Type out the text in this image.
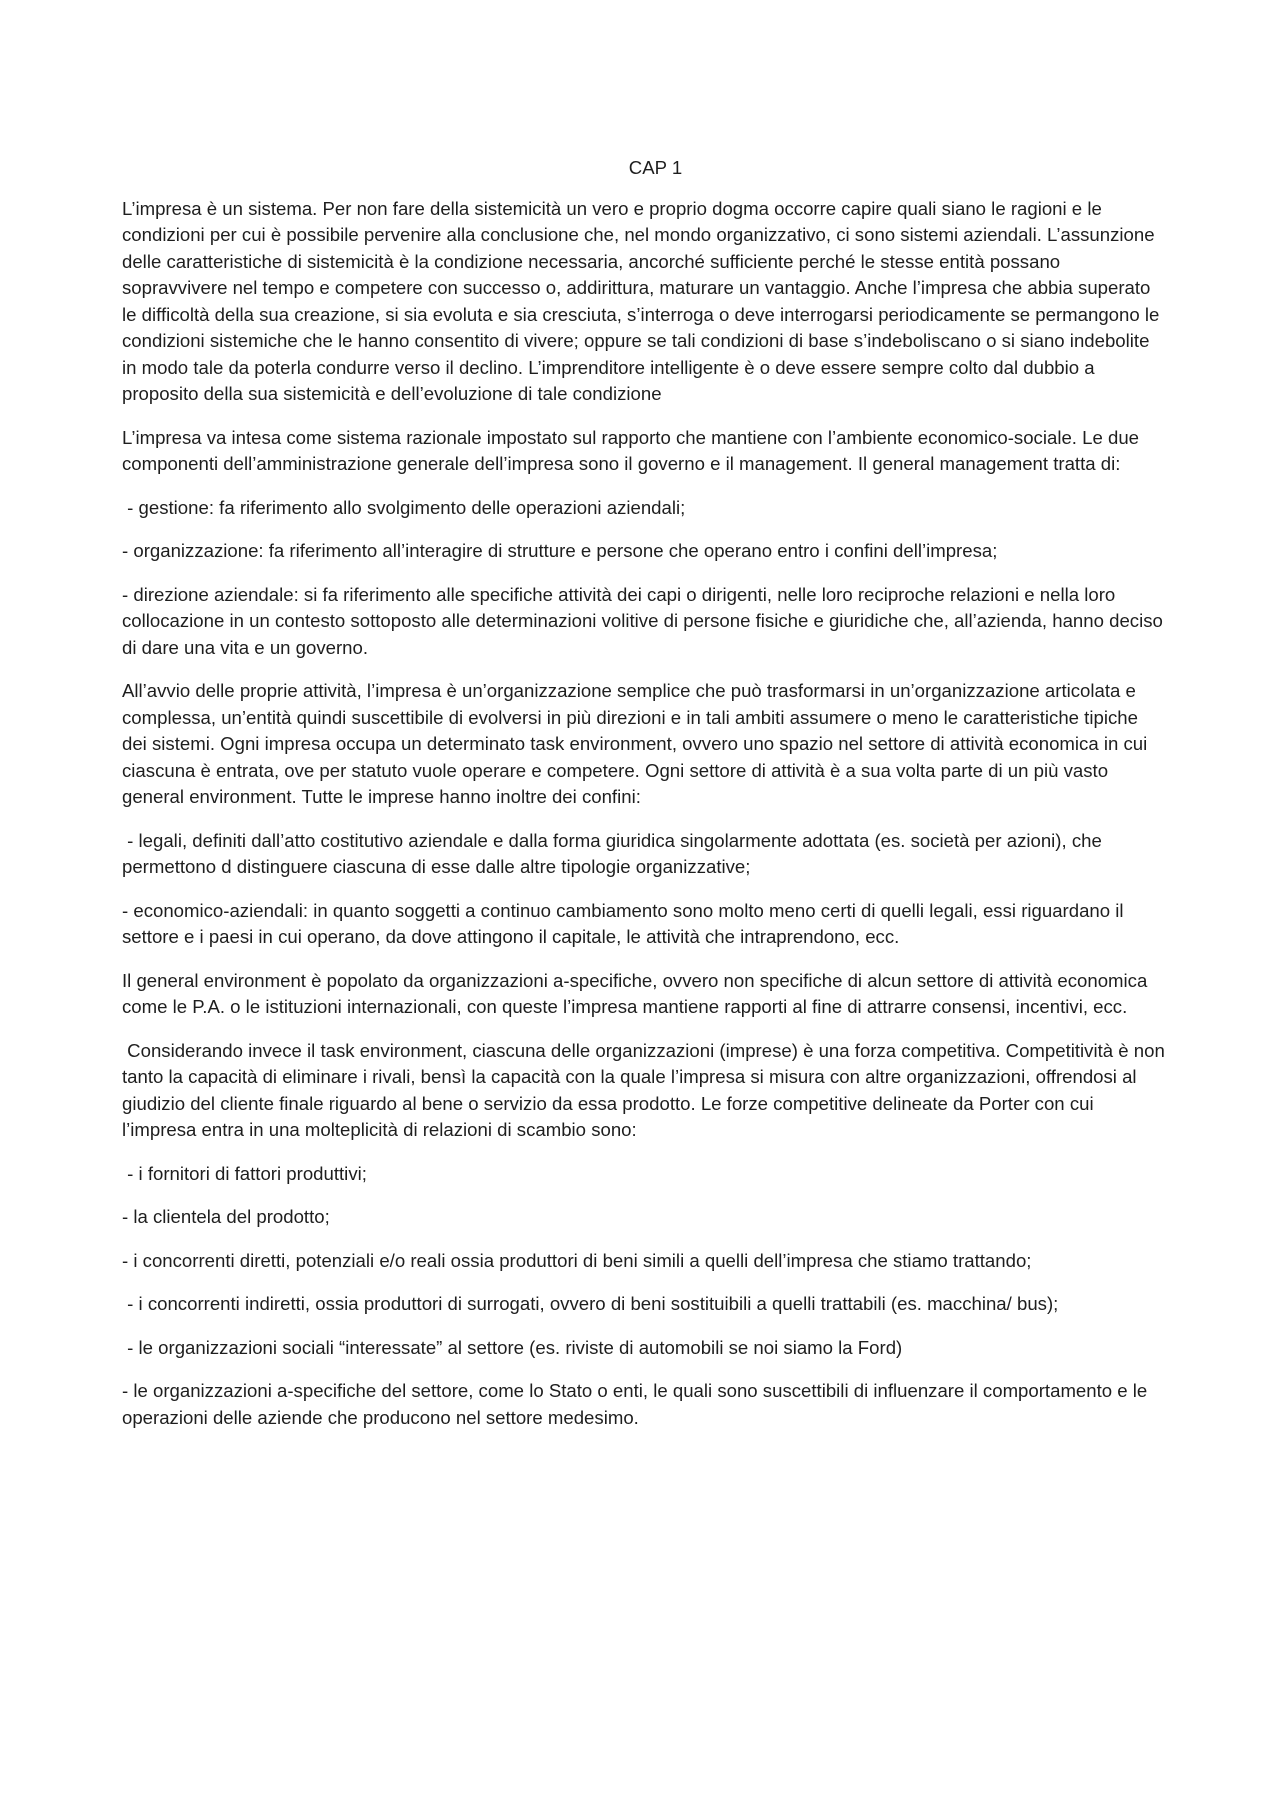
CAP 1

L’impresa è un sistema. Per non fare della sistemicità un vero e proprio dogma occorre capire quali siano le ragioni e le condizioni per cui è possibile pervenire alla conclusione che, nel mondo organizzativo, ci sono sistemi aziendali. L’assunzione delle caratteristiche di sistemicità è la condizione necessaria, ancorché sufficiente perché le stesse entità possano sopravvivere nel tempo e competere con successo o, addirittura, maturare un vantaggio. Anche l’impresa che abbia superato le difficoltà della sua creazione, si sia evoluta e sia cresciuta, s’interroga o deve interrogarsi periodicamente se permangono le condizioni sistemiche che le hanno consentito di vivere; oppure se tali condizioni di base s’indeboliscano o si siano indebolite in modo tale da poterla condurre verso il declino. L’imprenditore intelligente è o deve essere sempre colto dal dubbio a proposito della sua sistemicità e dell’evoluzione di tale condizione

L’impresa va intesa come sistema razionale impostato sul rapporto che mantiene con l’ambiente economico-sociale. Le due componenti dell’amministrazione generale dell’impresa sono il governo e il management. Il general management tratta di:

- gestione: fa riferimento allo svolgimento delle operazioni aziendali;

- organizzazione: fa riferimento all’interagire di strutture e persone che operano entro i confini dell’impresa;

- direzione aziendale: si fa riferimento alle specifiche attività dei capi o dirigenti, nelle loro reciproche relazioni e nella loro collocazione in un contesto sottoposto alle determinazioni volitive di persone fisiche e giuridiche che, all’azienda, hanno deciso di dare una vita e un governo.

All’avvio delle proprie attività, l’impresa è un’organizzazione semplice che può trasformarsi in un’organizzazione articolata e complessa, un’entità quindi suscettibile di evolversi in più direzioni e in tali ambiti assumere o meno le caratteristiche tipiche dei sistemi. Ogni impresa occupa un determinato task environment, ovvero uno spazio nel settore di attività economica in cui ciascuna è entrata, ove per statuto vuole operare e competere. Ogni settore di attività è a sua volta parte di un più vasto general environment. Tutte le imprese hanno inoltre dei confini:

- legali, definiti dall’atto costitutivo aziendale e dalla forma giuridica singolarmente adottata (es. società per azioni), che permettono d distinguere ciascuna di esse dalle altre tipologie organizzative;

- economico-aziendali: in quanto soggetti a continuo cambiamento sono molto meno certi di quelli legali, essi riguardano il settore e i paesi in cui operano, da dove attingono il capitale, le attività che intraprendono, ecc.

Il general environment è popolato da organizzazioni a-specifiche, ovvero non specifiche di alcun settore di attività economica come le P.A. o le istituzioni internazionali, con queste l’impresa mantiene rapporti al fine di attrarre consensi, incentivi, ecc.

Considerando invece il task environment, ciascuna delle organizzazioni (imprese) è una forza competitiva. Competitività è non tanto la capacità di eliminare i rivali, bensì la capacità con la quale l’impresa si misura con altre organizzazioni, offrendosi al giudizio del cliente finale riguardo al bene o servizio da essa prodotto. Le forze competitive delineate da Porter con cui l’impresa entra in una molteplicità di relazioni di scambio sono:

- i fornitori di fattori produttivi;

- la clientela del prodotto;

- i concorrenti diretti, potenziali e/o reali ossia produttori di beni simili a quelli dell’impresa che stiamo trattando;

- i concorrenti indiretti, ossia produttori di surrogati, ovvero di beni sostituibili a quelli trattabili (es. macchina/ bus);

- le organizzazioni sociali “interessate” al settore (es. riviste di automobili se noi siamo la Ford)

- le organizzazioni a-specifiche del settore, come lo Stato o enti, le quali sono suscettibili di influenzare il comportamento e le operazioni delle aziende che producono nel settore medesimo.
